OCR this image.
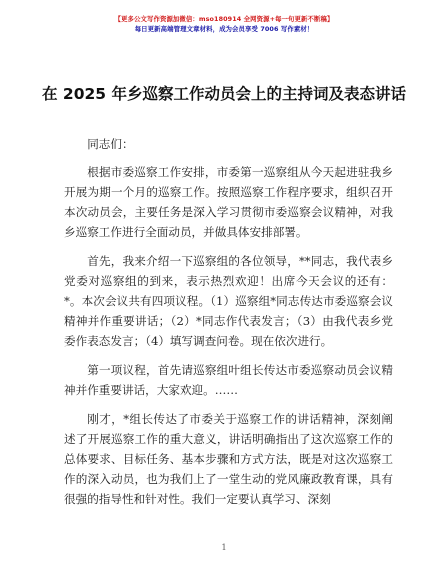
【更多公文写作资源加微信：mso180914 全网资源+每一句更新不断稿】
每日更新高端管理文章材料，成为会员享受 7006 写作素材！
在 2025 年乡巡察工作动员会上的主持词及表态讲话

同志们：

根据市委巡察工作安排，市委第一巡察组从今天起进驻我乡开展为期一个月的巡察工作。按照巡察工作程序要求，组织召开本次动员会，主要任务是深入学习贯彻市委巡察会议精神，对我乡巡察工作进行全面动员，并做具体安排部署。

首先，我来介绍一下巡察组的各位领导，**同志，我代表乡党委对巡察组的到来，表示热烈欢迎！出席今天会议的还有：*。本次会议共有四项议程。（1）巡察组*同志传达市委巡察会议精神并作重要讲话；（2）*同志作代表发言；（3）由我代表乡党委作表态发言；（4）填写调查问卷。现在依次进行。

第一项议程，首先请巡察组叶组长传达市委巡察动员会议精神并作重要讲话，大家欢迎。……

刚才，*组长传达了市委关于巡察工作的讲话精神，深刻阐述了开展巡察工作的重大意义，讲话明确指出了这次巡察工作的总体要求、目标任务、基本步骤和方式方法，既是对这次巡察工作的深入动员，也为我们上了一堂生动的党风廉政教育课，具有很强的指导性和针对性。我们一定要认真学习、深刻

1
